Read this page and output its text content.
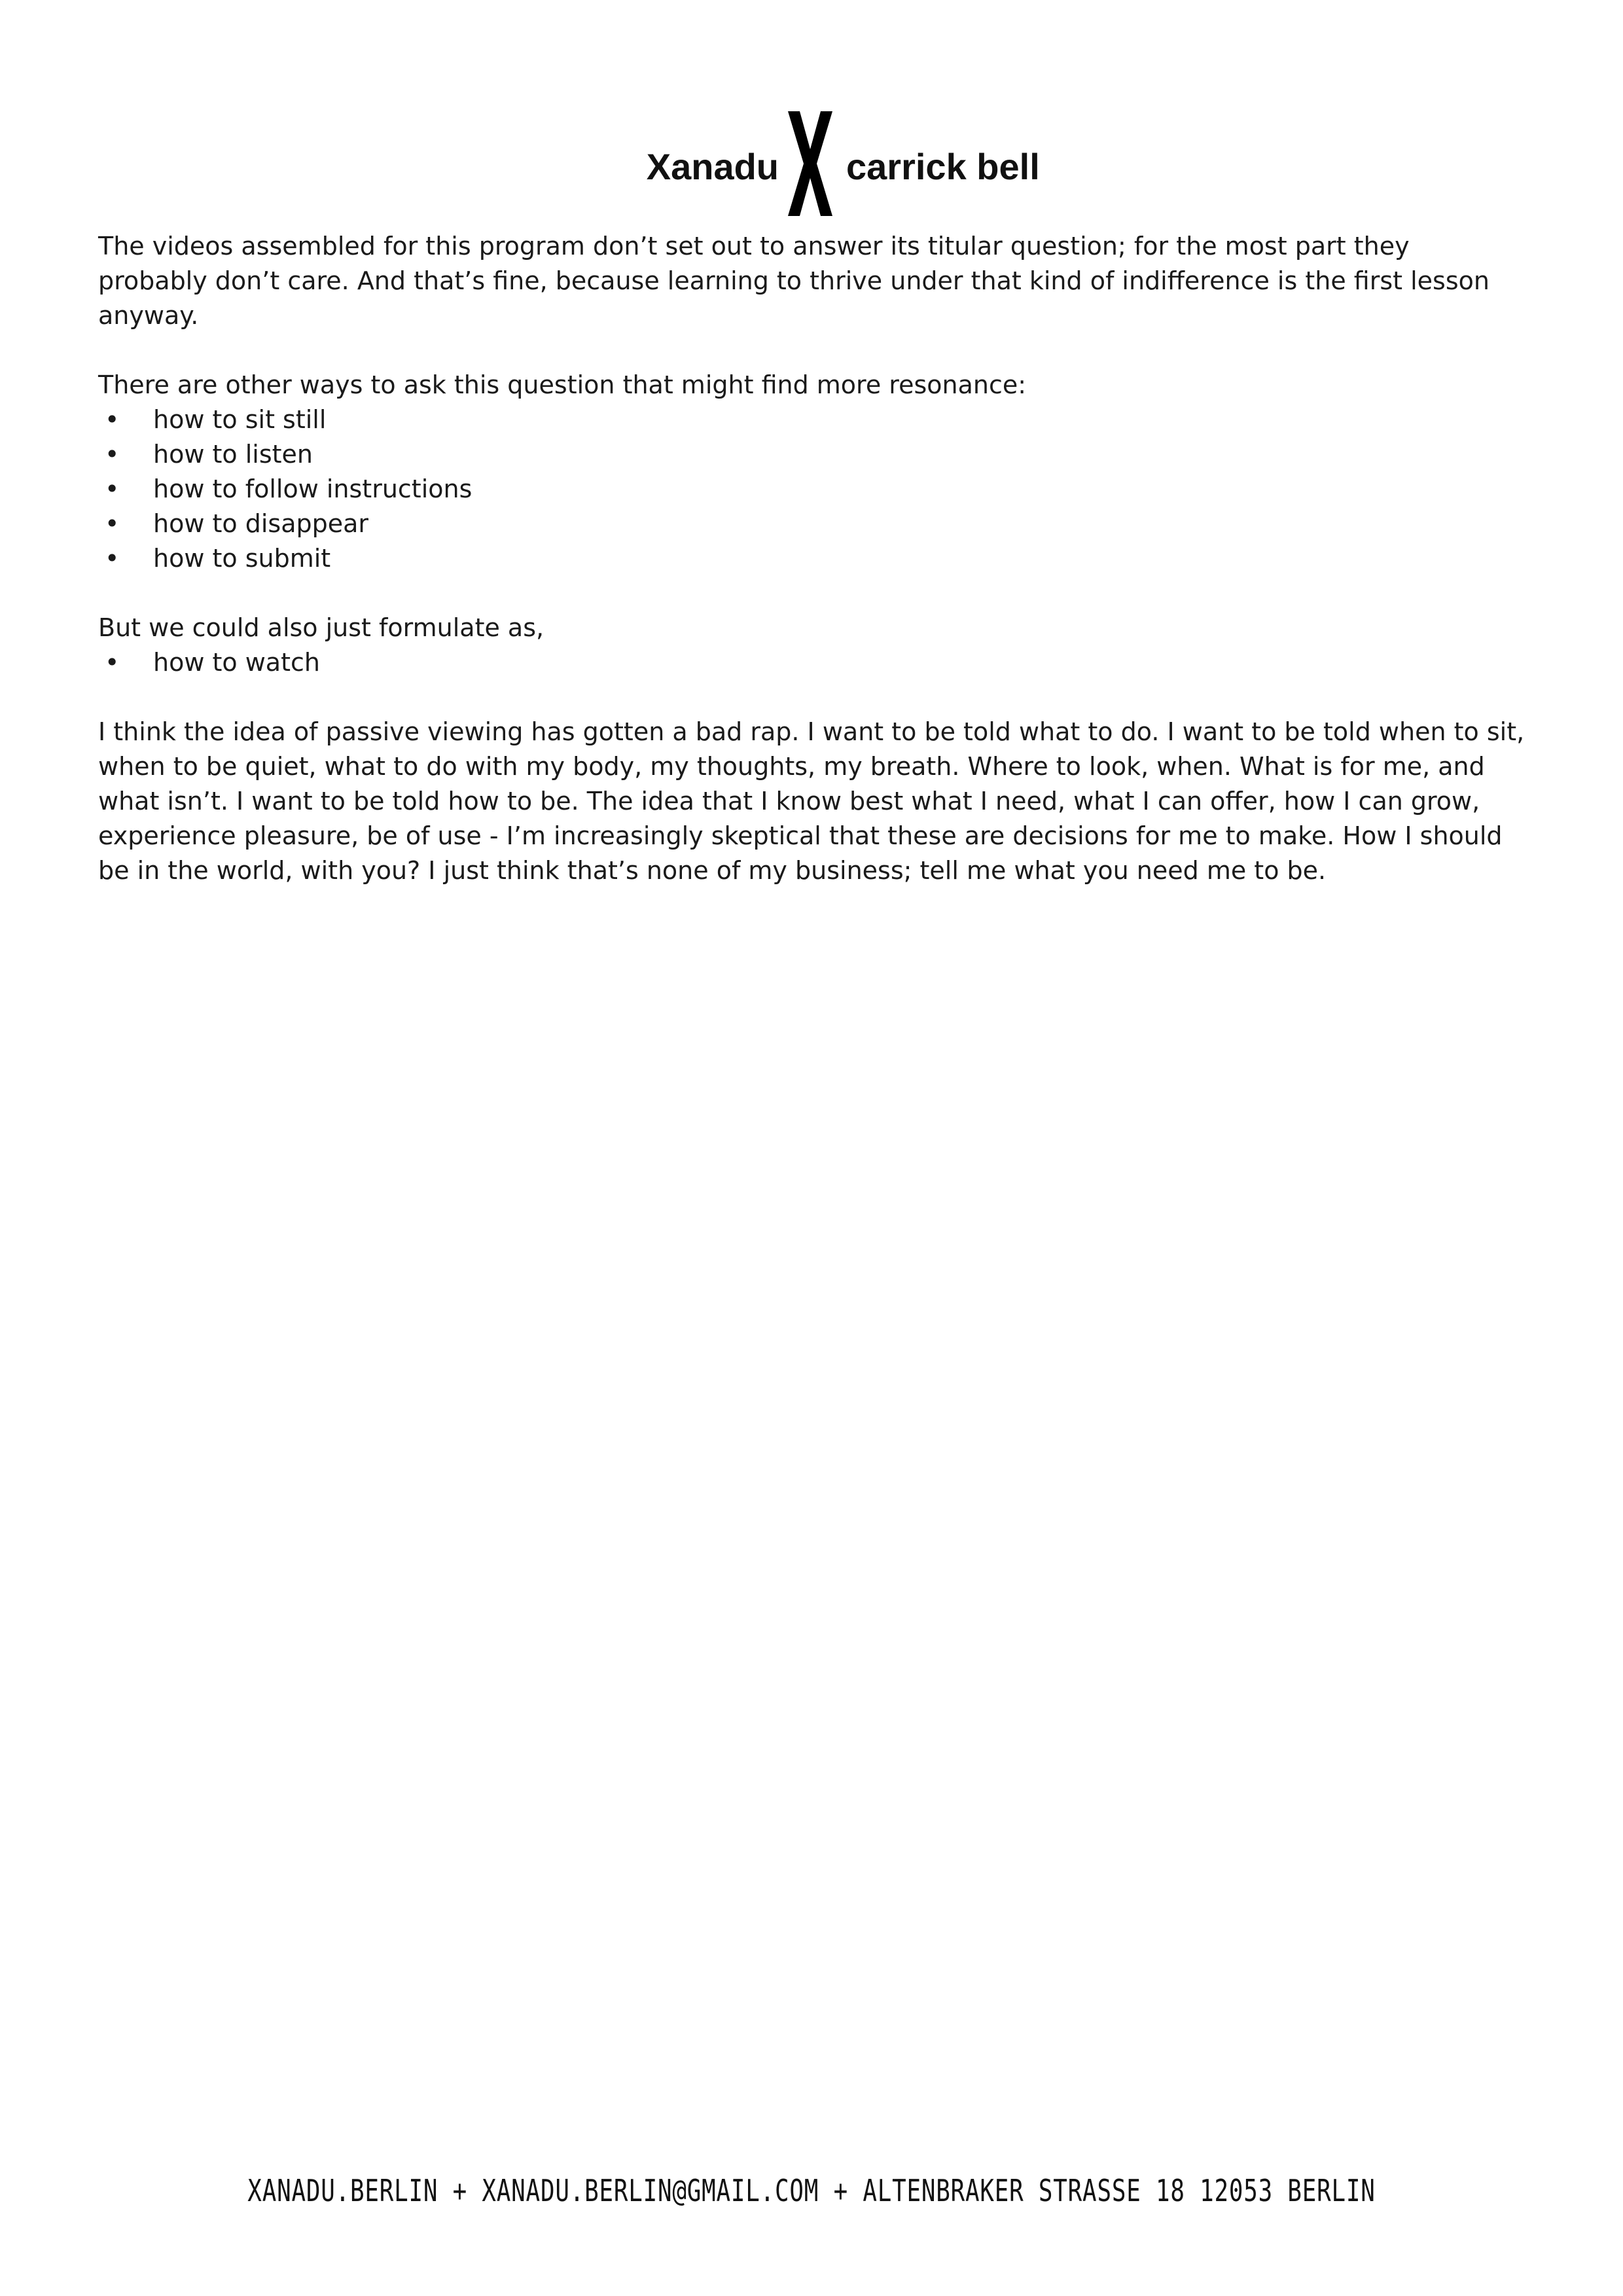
Xanadu carrick bell

The videos assembled for this program don’t set out to answer its titular question; for the most part they probably don’t care. And that’s fine, because learning to thrive under that kind of indifference is the first lesson anyway.

There are other ways to ask this question that might find more resonance:

• how to sit still
• how to listen
• how to follow instructions
• how to disappear
• how to submit

But we could also just formulate as,

• how to watch

I think the idea of passive viewing has gotten a bad rap. I want to be told what to do. I want to be told when to sit, when to be quiet, what to do with my body, my thoughts, my breath. Where to look, when. What is for me, and what isn’t. I want to be told how to be. The idea that I know best what I need, what I can offer, how I can grow, experience pleasure, be of use - I’m increasingly skeptical that these are decisions for me to make. How I should be in the world, with you? I just think that’s none of my business; tell me what you need me to be.

XANADU.BERLIN + XANADU.BERLIN@GMAIL.COM + ALTENBRAKER STRASSE 18 12053 BERLIN
